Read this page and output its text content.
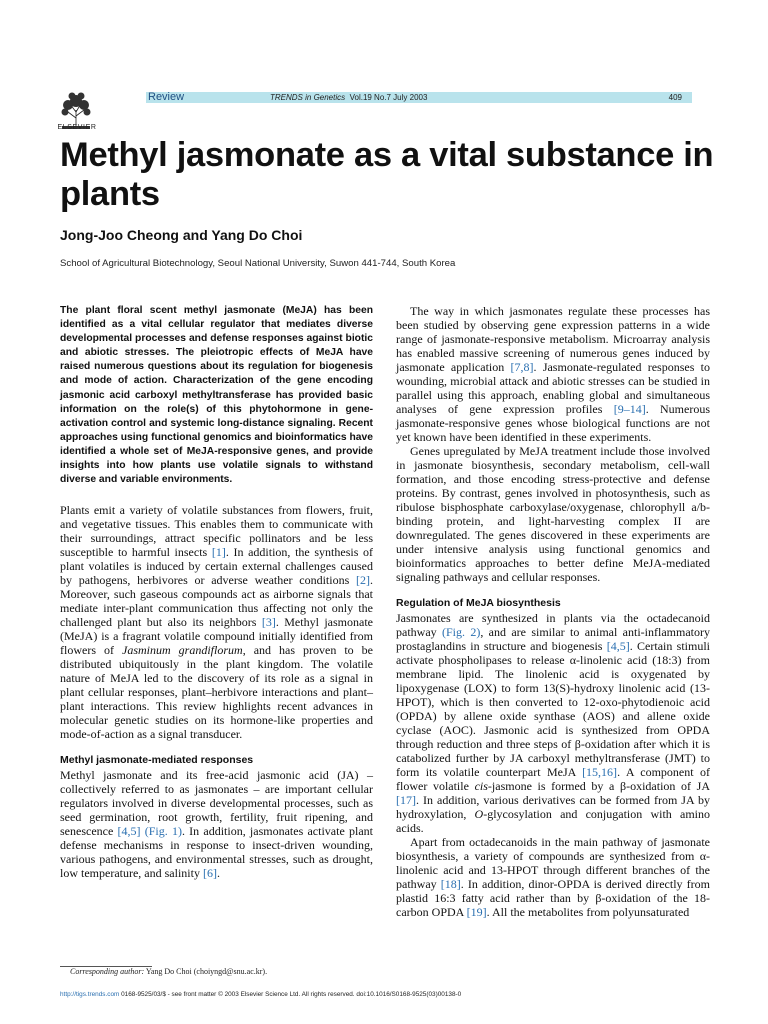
ELSEVIER
Review	TRENDS in Genetics Vol.19 No.7 July 2003	409
Methyl jasmonate as a vital substance in plants
Jong-Joo Cheong and Yang Do Choi
School of Agricultural Biotechnology, Seoul National University, Suwon 441-744, South Korea

The plant floral scent methyl jasmonate (MeJA) has been identified as a vital cellular regulator that mediates diverse developmental processes and defense responses against biotic and abiotic stresses. The pleiotropic effects of MeJA have raised numerous questions about its regulation for biogenesis and mode of action. Characterization of the gene encoding jasmonic acid carboxyl methyltransferase has provided basic information on the role(s) of this phytohormone in gene-activation control and systemic long-distance signaling. Recent approaches using functional genomics and bioinformatics have identified a whole set of MeJA-responsive genes, and provide insights into how plants use volatile signals to withstand diverse and variable environments.

Plants emit a variety of volatile substances from flowers, fruit, and vegetative tissues. This enables them to communicate with their surroundings, attract specific pollinators and be less susceptible to harmful insects [1]. In addition, the synthesis of plant volatiles is induced by certain external challenges caused by pathogens, herbivores or adverse weather conditions [2]. Moreover, such gaseous compounds act as airborne signals that mediate inter-plant communication thus affecting not only the challenged plant but also its neighbors [3]. Methyl jasmonate (MeJA) is a fragrant volatile compound initially identified from flowers of Jasminum grandiflorum, and has proven to be distributed ubiquitously in the plant kingdom. The volatile nature of MeJA led to the discovery of its role as a signal in plant cellular responses, plant–herbivore interactions and plant–plant interactions. This review highlights recent advances in molecular genetic studies on its hormone-like properties and mode-of-action as a signal transducer.

Methyl jasmonate-mediated responses

Methyl jasmonate and its free-acid jasmonic acid (JA) – collectively referred to as jasmonates – are important cellular regulators involved in diverse developmental processes, such as seed germination, root growth, fertility, fruit ripening, and senescence [4,5] (Fig. 1). In addition, jasmonates activate plant defense mechanisms in response to insect-driven wounding, various pathogens, and environmental stresses, such as drought, low temperature, and salinity [6].

The way in which jasmonates regulate these processes has been studied by observing gene expression patterns in a wide range of jasmonate-responsive metabolism. Microarray analysis has enabled massive screening of numerous genes induced by jasmonate application [7,8]. Jasmonate-regulated responses to wounding, microbial attack and abiotic stresses can be studied in parallel using this approach, enabling global and simultaneous analyses of gene expression profiles [9–14]. Numerous jasmonate-responsive genes whose biological functions are not yet known have been identified in these experiments.

Genes upregulated by MeJA treatment include those involved in jasmonate biosynthesis, secondary metabolism, cell-wall formation, and those encoding stress-protective and defense proteins. By contrast, genes involved in photosynthesis, such as ribulose bisphosphate carboxylase/oxygenase, chlorophyll a/b-binding protein, and light-harvesting complex II are downregulated. The genes discovered in these experiments are under intensive analysis using functional genomics and bioinformatics approaches to better define MeJA-mediated signaling pathways and cellular responses.

Regulation of MeJA biosynthesis

Jasmonates are synthesized in plants via the octadecanoid pathway (Fig. 2), and are similar to animal anti-inflammatory prostaglandins in structure and biogenesis [4,5]. Certain stimuli activate phospholipases to release α-linolenic acid (18:3) from membrane lipid. The linolenic acid is oxygenated by lipoxygenase (LOX) to form 13(S)-hydroxy linolenic acid (13-HPOT), which is then converted to 12-oxo-phytodienoic acid (OPDA) by allene oxide synthase (AOS) and allene oxide cyclase (AOC). Jasmonic acid is synthesized from OPDA through reduction and three steps of β-oxidation after which it is catabolized further by JA carboxyl methyltransferase (JMT) to form its volatile counterpart MeJA [15,16]. A component of flower volatile cis-jasmone is formed by a β-oxidation of JA [17]. In addition, various derivatives can be formed from JA by hydroxylation, O-glycosylation and conjugation with amino acids.

Apart from octadecanoids in the main pathway of jasmonate biosynthesis, a variety of compounds are synthesized from α-linolenic acid and 13-HPOT through different branches of the pathway [18]. In addition, dinor-OPDA is derived directly from plastid 16:3 fatty acid rather than by β-oxidation of the 18-carbon OPDA [19]. All the metabolites from polyunsaturated

Corresponding author: Yang Do Choi (choiyngd@snu.ac.kr).
http://tigs.trends.com 0168-9525/03/$ - see front matter © 2003 Elsevier Science Ltd. All rights reserved. doi:10.1016/S0168-9525(03)00138-0
